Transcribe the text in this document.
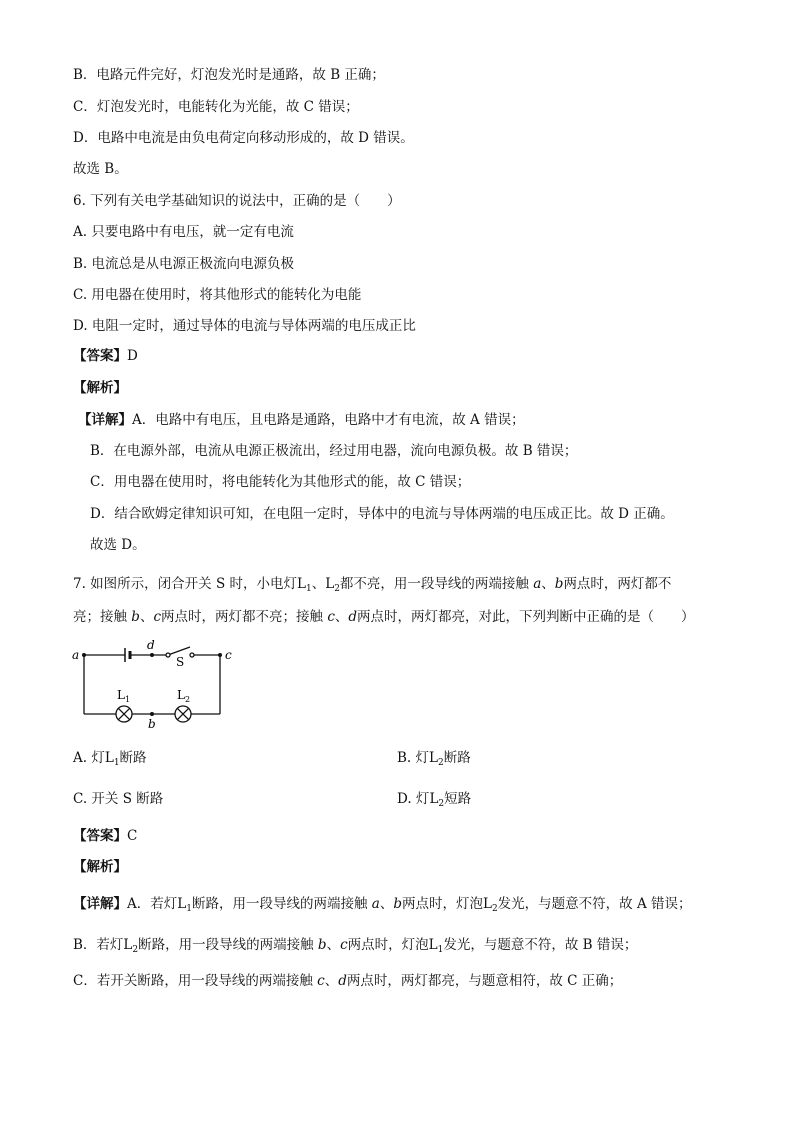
B．电路元件完好，灯泡发光时是通路，故 B 正确；
C．灯泡发光时，电能转化为光能，故 C 错误；
D．电路中电流是由负电荷定向移动形成的，故 D 错误。
故选 B。
6. 下列有关电学基础知识的说法中，正确的是（　　）
A. 只要电路中有电压，就一定有电流
B. 电流总是从电源正极流向电源负极
C. 用电器在使用时，将其他形式的能转化为电能
D. 电阻一定时，通过导体的电流与导体两端的电压成正比
【答案】D
【解析】
【详解】A．电路中有电压，且电路是通路，电路中才有电流，故 A 错误；
B．在电源外部，电流从电源正极流出，经过用电器，流向电源负极。故 B 错误；
C．用电器在使用时，将电能转化为其他形式的能，故 C 错误；
D．结合欧姆定律知识可知，在电阻一定时，导体中的电流与导体两端的电压成正比。故 D 正确。
故选 D。
7. 如图所示，闭合开关 S 时，小电灯$L_1$、$L_2$都不亮，用一段导线的两端接触 a、b两点时，两灯都不
亮；接触 b、c两点时，两灯都不亮；接触 c、d两点时，两灯都亮，对此，下列判断中正确的是（　　）
a	c
d
b
S
$L_1$	$L_2$
A. 灯$L_1$断路	B. 灯$L_2$断路
C. 开关 S 断路	D. 灯$L_2$短路
【答案】C
【解析】
【详解】A．若灯$L_1$断路，用一段导线的两端接触 a、b两点时，灯泡$L_2$发光，与题意不符，故 A 错误；
B．若灯$L_2$断路，用一段导线的两端接触 b、c两点时，灯泡$L_1$发光，与题意不符，故 B 错误；
C．若开关断路，用一段导线的两端接触 c、d两点时，两灯都亮，与题意相符，故 C 正确；
